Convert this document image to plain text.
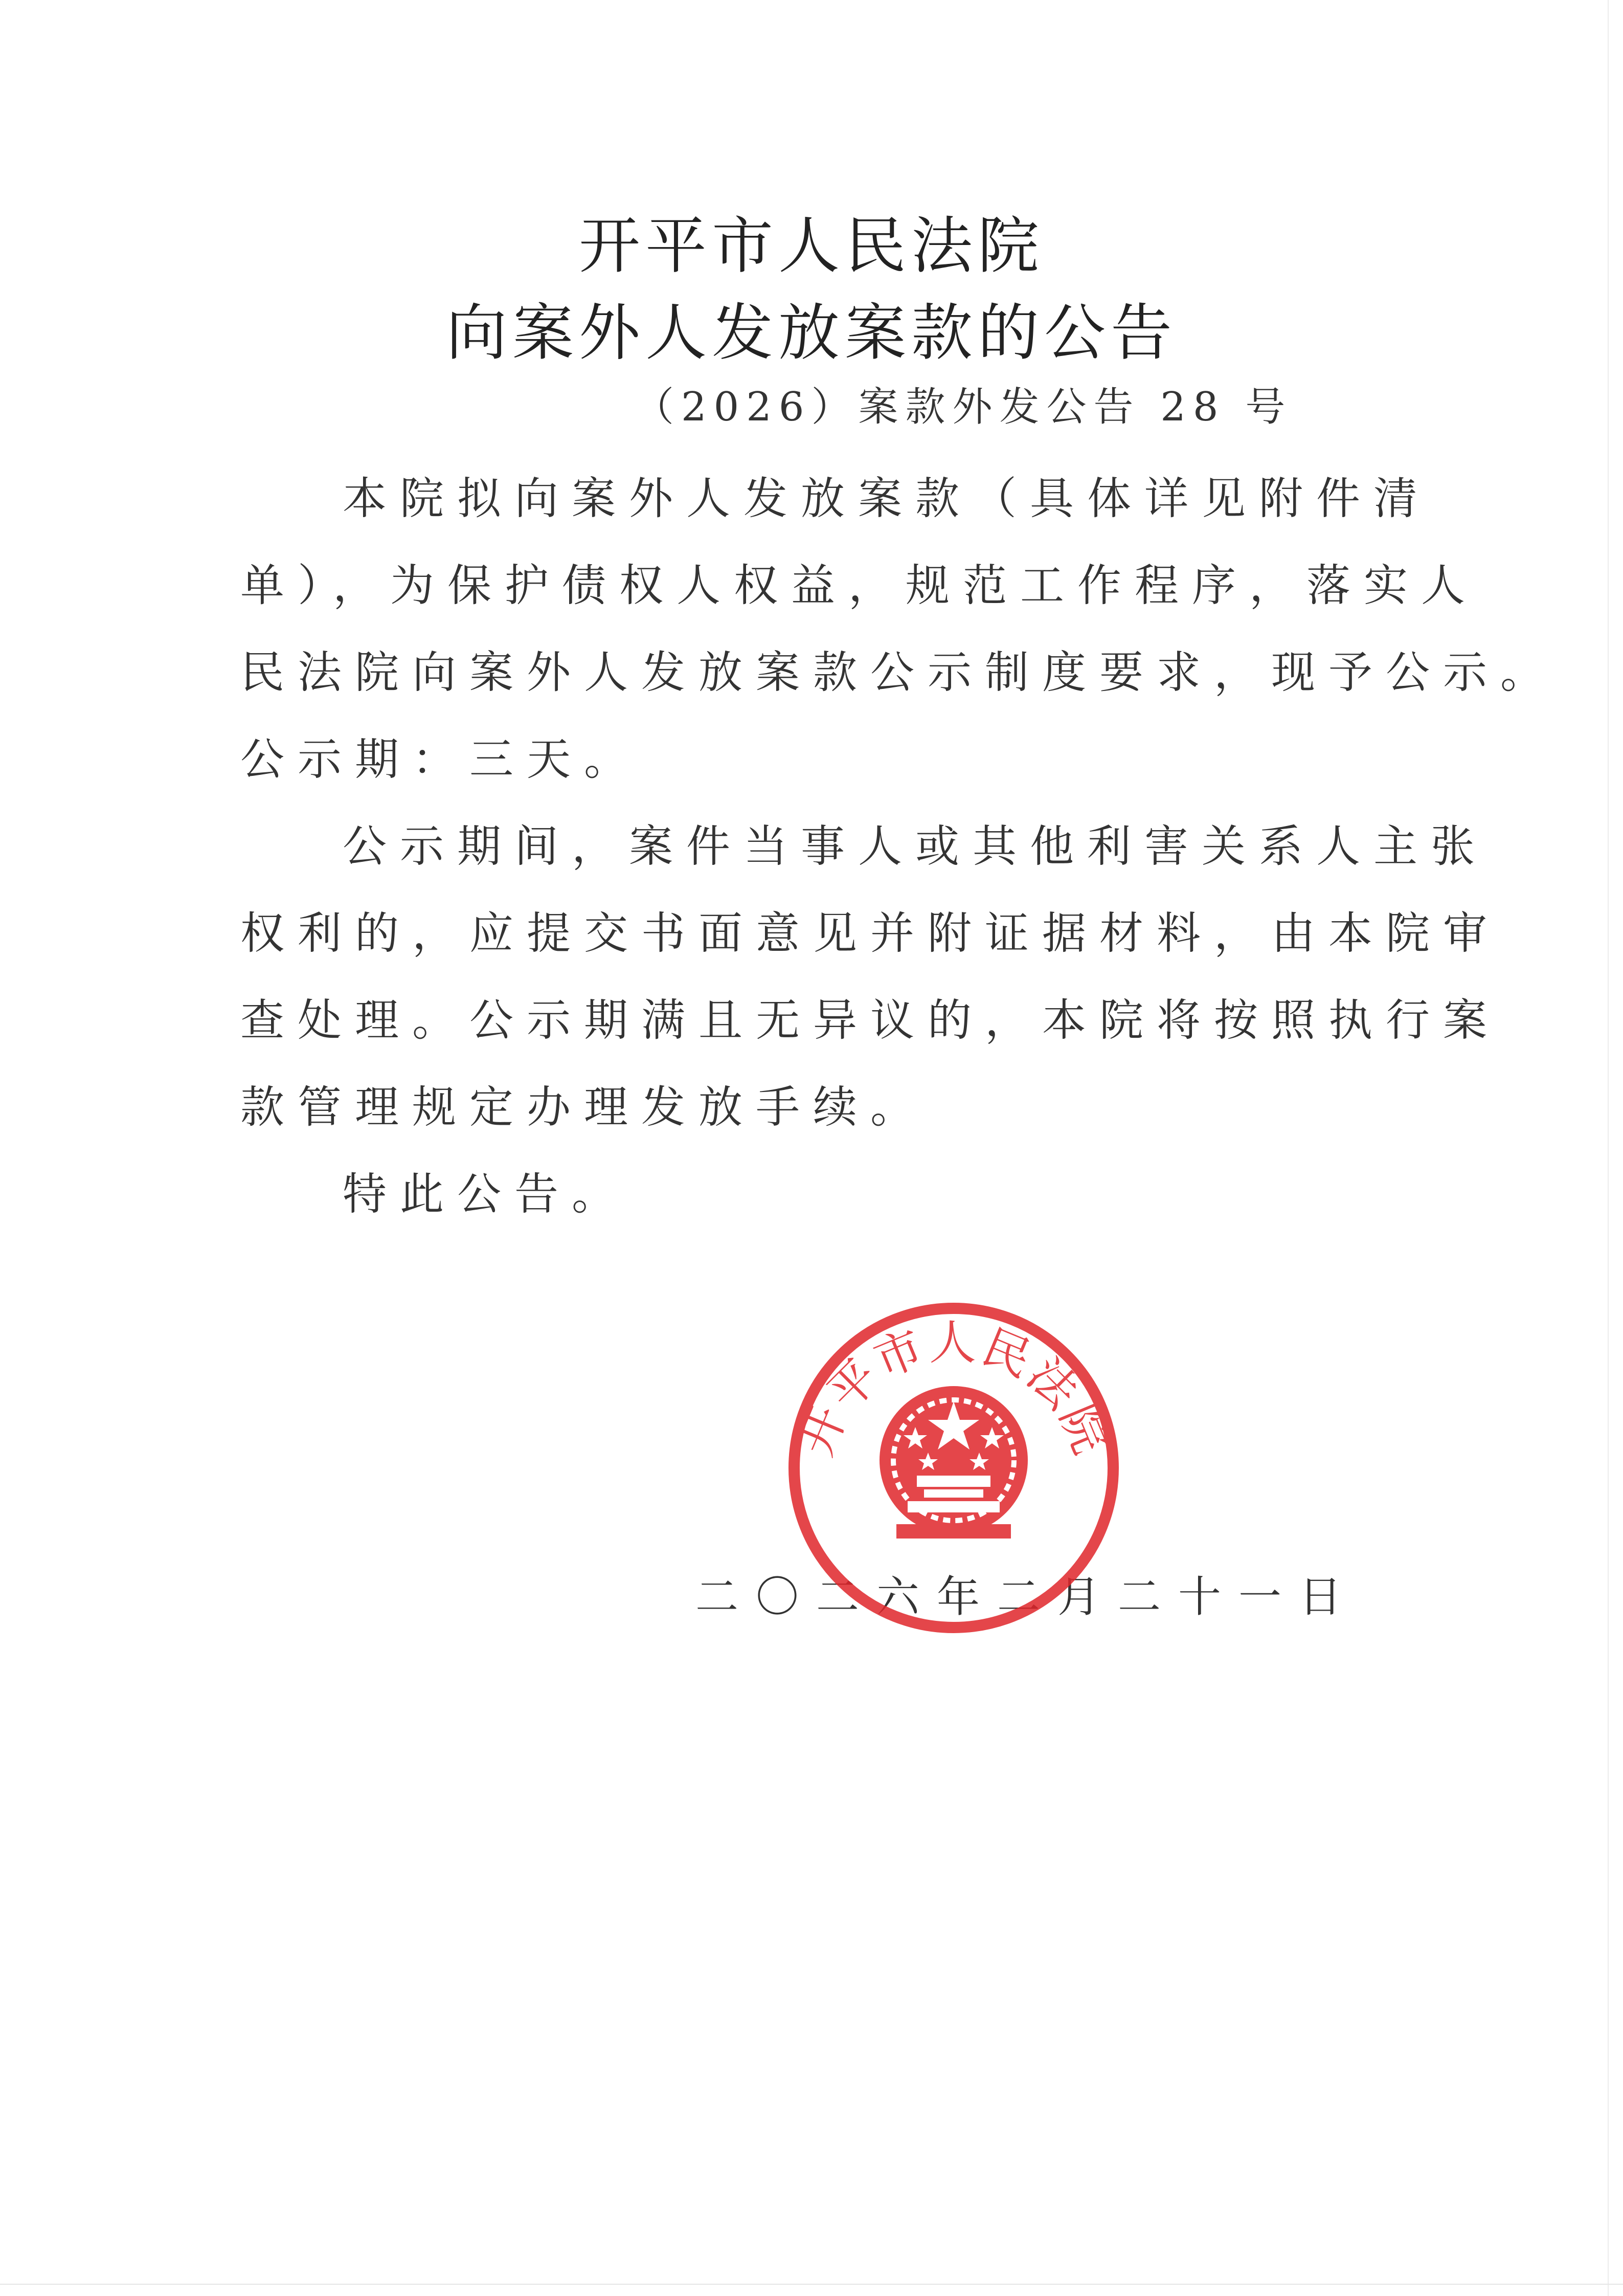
开平市人民法院
向案外人发放案款的公告
（2026）案款外发公告 28 号
本院拟向案外人发放案款（具体详见附件清
单），为保护债权人权益，规范工作程序，落实人
民法院向案外人发放案款公示制度要求，现予公示。
公示期：三天。
公示期间，案件当事人或其他利害关系人主张
权利的，应提交书面意见并附证据材料，由本院审
查处理。公示期满且无异议的，本院将按照执行案
款管理规定办理发放手续。
特此公告。
二〇二六年二月二十一日
开平市人民法院
